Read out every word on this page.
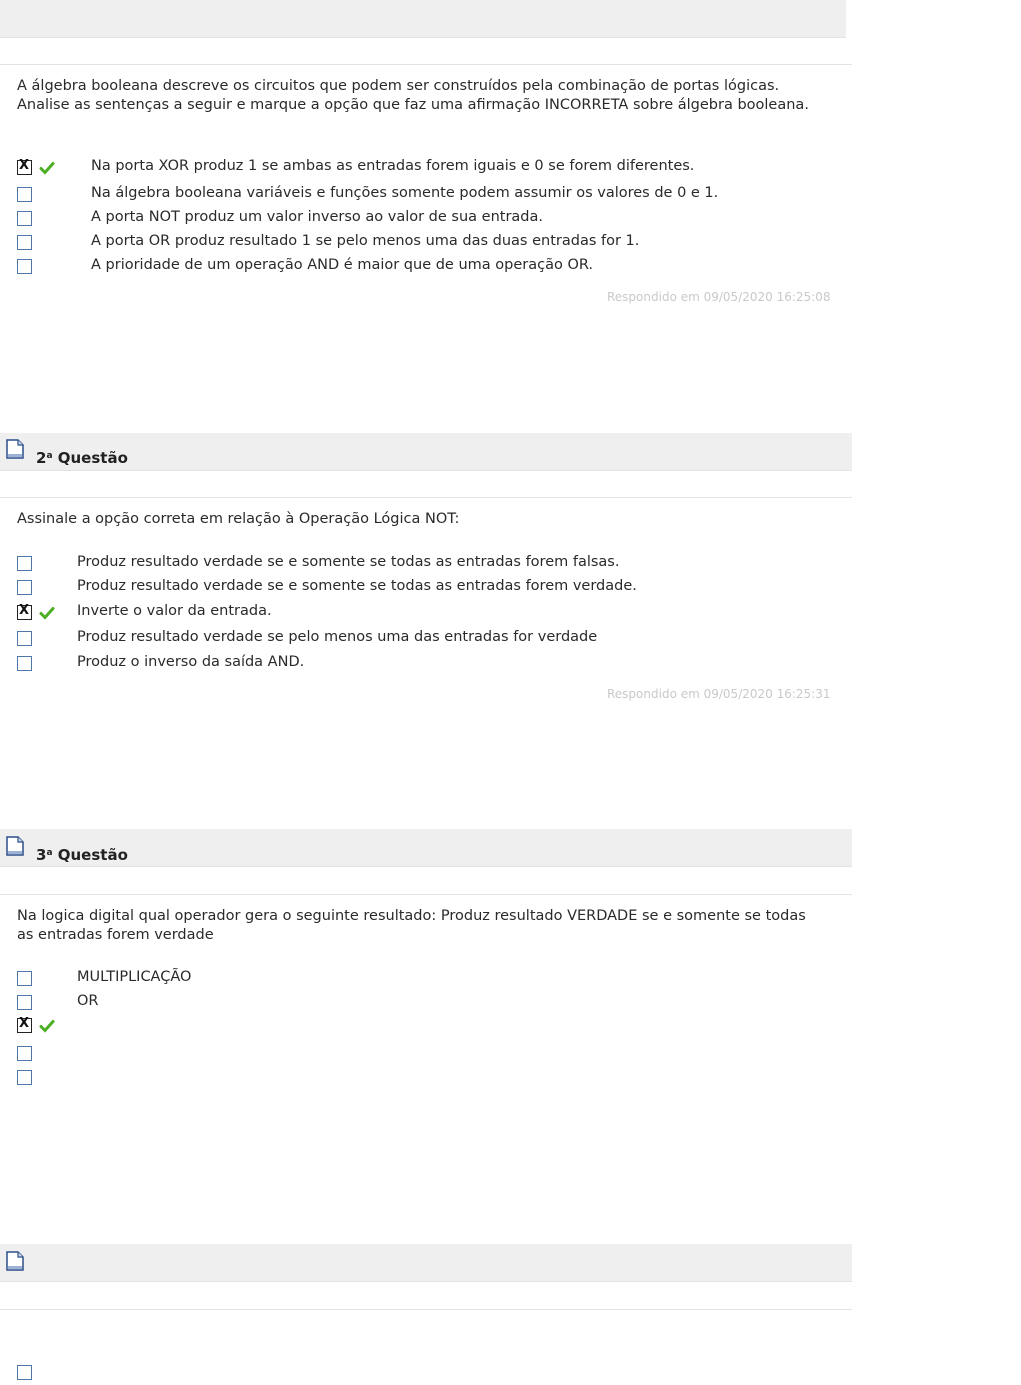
A álgebra booleana descreve os circuitos que podem ser construídos pela combinação de portas lógicas. Analise as sentenças a seguir e marque a opção que faz uma afirmação INCORRETA sobre álgebra booleana.
X
Na porta XOR produz 1 se ambas as entradas forem iguais e 0 se forem diferentes.
Na álgebra booleana variáveis e funções somente podem assumir os valores de 0 e 1.
A porta NOT produz um valor inverso ao valor de sua entrada.
A porta OR produz resultado 1 se pelo menos uma das duas entradas for 1.
A prioridade de um operação AND é maior que de uma operação OR.
Respondido em 09/05/2020 16:25:08
2$^a$ Questão
Assinale a opção correta em relação à Operação Lógica NOT:
Produz resultado verdade se e somente se todas as entradas forem falsas.
Produz resultado verdade se e somente se todas as entradas forem verdade.
X
Inverte o valor da entrada.
Produz resultado verdade se pelo menos uma das entradas for verdade
Produz o inverso da saída AND.
Respondido em 09/05/2020 16:25:31
3$^a$ Questão
Na logica digital qual operador gera o seguinte resultado: Produz resultado VERDADE se e somente se todas as entradas forem verdade
MULTIPLICAÇÃO
OR
X
